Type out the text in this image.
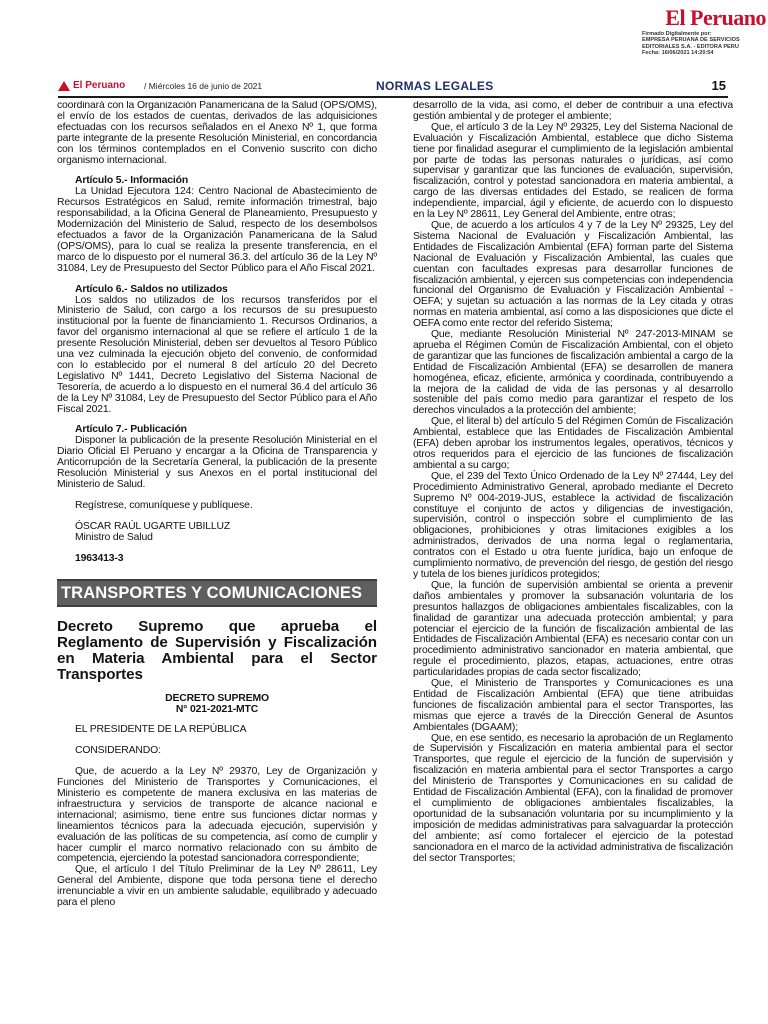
El Peruano
Firmado Digitalmente por:
EMPRESA PERUANA DE SERVICIOS
EDITORIALES S.A. - EDITORA PERU
Fecha: 16/06/2021 14:20:54
El Peruano / Miércoles 16 de junio de 2021	NORMAS LEGALES	15

coordinará con la Organización Panamericana de la Salud (OPS/OMS), el envío de los estados de cuentas, derivados de las adquisiciones efectuadas con los recursos señalados en el Anexo Nº 1, que forma parte integrante de la presente Resolución Ministerial, en concordancia con los términos contemplados en el Convenio suscrito con dicho organismo internacional.

Artículo 5.- Información

La Unidad Ejecutora 124: Centro Nacional de Abastecimiento de Recursos Estratégicos en Salud, remite información trimestral, bajo responsabilidad, a la Oficina General de Planeamiento, Presupuesto y Modernización del Ministerio de Salud, respecto de los desembolsos efectuados a favor de la Organización Panamericana de la Salud (OPS/OMS), para lo cual se realiza la presente transferencia, en el marco de lo dispuesto por el numeral 36.3. del artículo 36 de la Ley Nº 31084, Ley de Presupuesto del Sector Público para el Año Fiscal 2021.

Artículo 6.- Saldos no utilizados

Los saldos no utilizados de los recursos transferidos por el Ministerio de Salud, con cargo a los recursos de su presupuesto institucional por la fuente de financiamiento 1. Recursos Ordinarios, a favor del organismo internacional al que se refiere el artículo 1 de la presente Resolución Ministerial, deben ser devueltos al Tesoro Público una vez culminada la ejecución objeto del convenio, de conformidad con lo establecido por el numeral 8 del artículo 20 del Decreto Legislativo Nº 1441, Decreto Legislativo del Sistema Nacional de Tesorería, de acuerdo a lo dispuesto en el numeral 36.4 del artículo 36 de la Ley Nº 31084, Ley de Presupuesto del Sector Público para el Año Fiscal 2021.

Artículo 7.- Publicación

Disponer la publicación de la presente Resolución Ministerial en el Diario Oficial El Peruano y encargar a la Oficina de Transparencia y Anticorrupción de la Secretaría General, la publicación de la presente Resolución Ministerial y sus Anexos en el portal institucional del Ministerio de Salud.

Regístrese, comuníquese y publíquese.

ÓSCAR RAÚL UGARTE UBILLUZ

Ministro de Salud

1963413-3

TRANSPORTES Y COMUNICACIONES
Decreto Supremo que aprueba el Reglamento de Supervisión y Fiscalización en Materia Ambiental para el Sector Transportes
DECRETO SUPREMO
N° 021-2021-MTC

EL PRESIDENTE DE LA REPÚBLICA

CONSIDERANDO:

Que, de acuerdo a la Ley Nº 29370, Ley de Organización y Funciones del Ministerio de Transportes y Comunicaciones, el Ministerio es competente de manera exclusiva en las materias de infraestructura y servicios de transporte de alcance nacional e internacional; asimismo, tiene entre sus funciones dictar normas y lineamientos técnicos para la adecuada ejecución, supervisión y evaluación de las políticas de su competencia, así como de cumplir y hacer cumplir el marco normativo relacionado con su ámbito de competencia, ejerciendo la potestad sancionadora correspondiente;

Que, el artículo I del Título Preliminar de la Ley Nº 28611, Ley General del Ambiente, dispone que toda persona tiene el derecho irrenunciable a vivir en un ambiente saludable, equilibrado y adecuado para el pleno

desarrollo de la vida, así como, el deber de contribuir a una efectiva gestión ambiental y de proteger el ambiente;

Que, el artículo 3 de la Ley Nº 29325, Ley del Sistema Nacional de Evaluación y Fiscalización Ambiental, establece que dicho Sistema tiene por finalidad asegurar el cumplimiento de la legislación ambiental por parte de todas las personas naturales o jurídicas, así como supervisar y garantizar que las funciones de evaluación, supervisión, fiscalización, control y potestad sancionadora en materia ambiental, a cargo de las diversas entidades del Estado, se realicen de forma independiente, imparcial, ágil y eficiente, de acuerdo con lo dispuesto en la Ley Nº 28611, Ley General del Ambiente, entre otras;

Que, de acuerdo a los artículos 4 y 7 de la Ley Nº 29325, Ley del Sistema Nacional de Evaluación y Fiscalización Ambiental, las Entidades de Fiscalización Ambiental (EFA) forman parte del Sistema Nacional de Evaluación y Fiscalización Ambiental, las cuales que cuentan con facultades expresas para desarrollar funciones de fiscalización ambiental, y ejercen sus competencias con independencia funcional del Organismo de Evaluación y Fiscalización Ambiental - OEFA; y sujetan su actuación a las normas de la Ley citada y otras normas en materia ambiental, así como a las disposiciones que dicte el OEFA como ente rector del referido Sistema;

Que, mediante Resolución Ministerial Nº 247-2013-MINAM se aprueba el Régimen Común de Fiscalización Ambiental, con el objeto de garantizar que las funciones de fiscalización ambiental a cargo de la Entidad de Fiscalización Ambiental (EFA) se desarrollen de manera homogénea, eficaz, eficiente, armónica y coordinada, contribuyendo a la mejora de la calidad de vida de las personas y al desarrollo sostenible del país como medio para garantizar el respeto de los derechos vinculados a la protección del ambiente;

Que, el literal b) del artículo 5 del Régimen Común de Fiscalización Ambiental, establece que las Entidades de Fiscalización Ambiental (EFA) deben aprobar los instrumentos legales, operativos, técnicos y otros requeridos para el ejercicio de las funciones de fiscalización ambiental a su cargo;

Que, el 239 del Texto Único Ordenado de la Ley Nº 27444, Ley del Procedimiento Administrativo General, aprobado mediante el Decreto Supremo Nº 004-2019-JUS, establece la actividad de fiscalización constituye el conjunto de actos y diligencias de investigación, supervisión, control o inspección sobre el cumplimiento de las obligaciones, prohibiciones y otras limitaciones exigibles a los administrados, derivados de una norma legal o reglamentaria, contratos con el Estado u otra fuente jurídica, bajo un enfoque de cumplimiento normativo, de prevención del riesgo, de gestión del riesgo y tutela de los bienes jurídicos protegidos;

Que, la función de supervisión ambiental se orienta a prevenir daños ambientales y promover la subsanación voluntaria de los presuntos hallazgos de obligaciones ambientales fiscalizables, con la finalidad de garantizar una adecuada protección ambiental; y para potenciar el ejercicio de la función de fiscalización ambiental de las Entidades de Fiscalización Ambiental (EFA) es necesario contar con un procedimiento administrativo sancionador en materia ambiental, que regule el procedimiento, plazos, etapas, actuaciones, entre otras particularidades propias de cada sector fiscalizado;

Que, el Ministerio de Transportes y Comunicaciones es una Entidad de Fiscalización Ambiental (EFA) que tiene atribuidas funciones de fiscalización ambiental para el sector Transportes, las mismas que ejerce a través de la Dirección General de Asuntos Ambientales (DGAAM);

Que, en ese sentido, es necesario la aprobación de un Reglamento de Supervisión y Fiscalización en materia ambiental para el sector Transportes, que regule el ejercicio de la función de supervisión y fiscalización en materia ambiental para el sector Transportes a cargo del Ministerio de Transportes y Comunicaciones en su calidad de Entidad de Fiscalización Ambiental (EFA), con la finalidad de promover el cumplimiento de obligaciones ambientales fiscalizables, la oportunidad de la subsanación voluntaria por su incumplimiento y la imposición de medidas administrativas para salvaguardar la protección del ambiente; así como fortalecer el ejercicio de la potestad sancionadora en el marco de la actividad administrativa de fiscalización del sector Transportes;
